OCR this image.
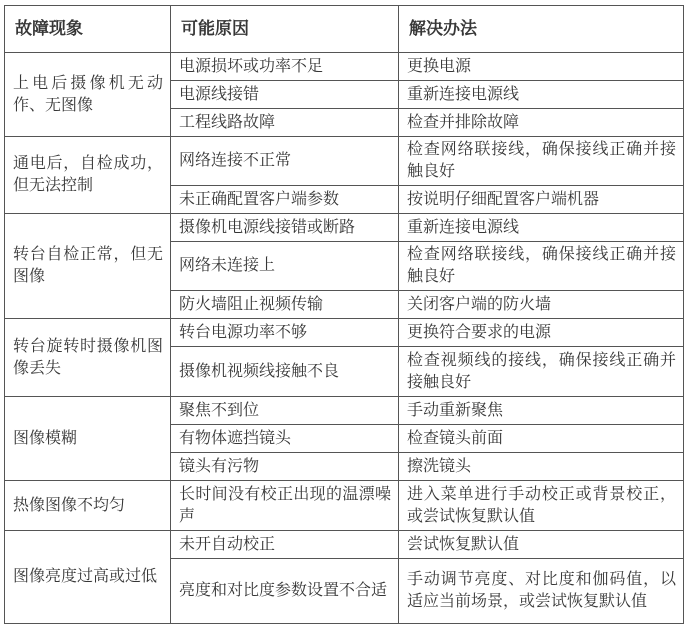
故障现象	可能原因	解决办法
上电后摄像机无动作、无图像	电源损坏或功率不足	更换电源
	电源线接错	重新连接电源线
	工程线路故障	检查并排除故障
通电后，自检成功，但无法控制	网络连接不正常	检查网络联接线，确保接线正确并接触良好
	未正确配置客户端参数	按说明仔细配置客户端机器
转台自检正常，但无图像	摄像机电源线接错或断路	重新连接电源线
	网络未连接上	检查网络联接线，确保接线正确并接触良好
	防火墙阻止视频传输	关闭客户端的防火墙
转台旋转时摄像机图像丢失	转台电源功率不够	更换符合要求的电源
	摄像机视频线接触不良	检查视频线的接线，确保接线正确并接触良好
图像模糊	聚焦不到位	手动重新聚焦
	有物体遮挡镜头	检查镜头前面
	镜头有污物	擦洗镜头
热像图像不均匀	长时间没有校正出现的温漂噪声	进入菜单进行手动校正或背景校正，或尝试恢复默认值
图像亮度过高或过低	未开自动校正	尝试恢复默认值
	亮度和对比度参数设置不合适	手动调节亮度、对比度和伽码值，以适应当前场景，或尝试恢复默认值
